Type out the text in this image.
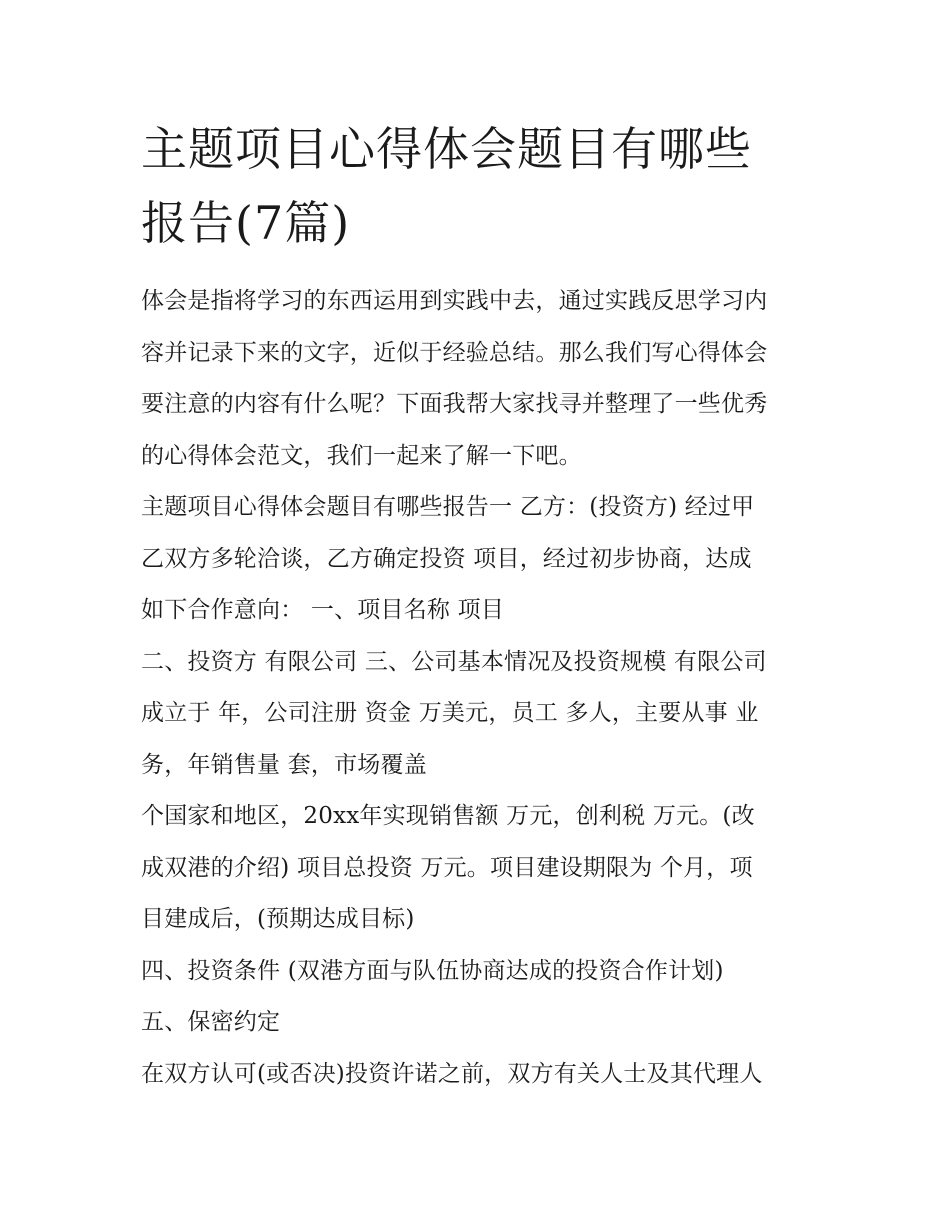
主题项目心得体会题目有哪些
报告(7篇)
体会是指将学习的东西运用到实践中去，通过实践反思学习内
容并记录下来的文字，近似于经验总结。那么我们写心得体会
要注意的内容有什么呢？下面我帮大家找寻并整理了一些优秀
的心得体会范文，我们一起来了解一下吧。
主题项目心得体会题目有哪些报告一 乙方：(投资方) 经过甲
乙双方多轮洽谈，乙方确定投资 项目，经过初步协商，达成
如下合作意向： 一、项目名称 项目
二、投资方 有限公司 三、公司基本情况及投资规模 有限公司
成立于 年，公司注册 资金 万美元，员工 多人，主要从事 业
务，年销售量 套，市场覆盖
个国家和地区，20xx年实现销售额 万元，创利税 万元。(改
成双港的介绍) 项目总投资 万元。项目建设期限为 个月，项
目建成后，(预期达成目标)
四、投资条件 (双港方面与队伍协商达成的投资合作计划)
五、保密约定
在双方认可(或否决)投资许诺之前，双方有关人士及其代理人
